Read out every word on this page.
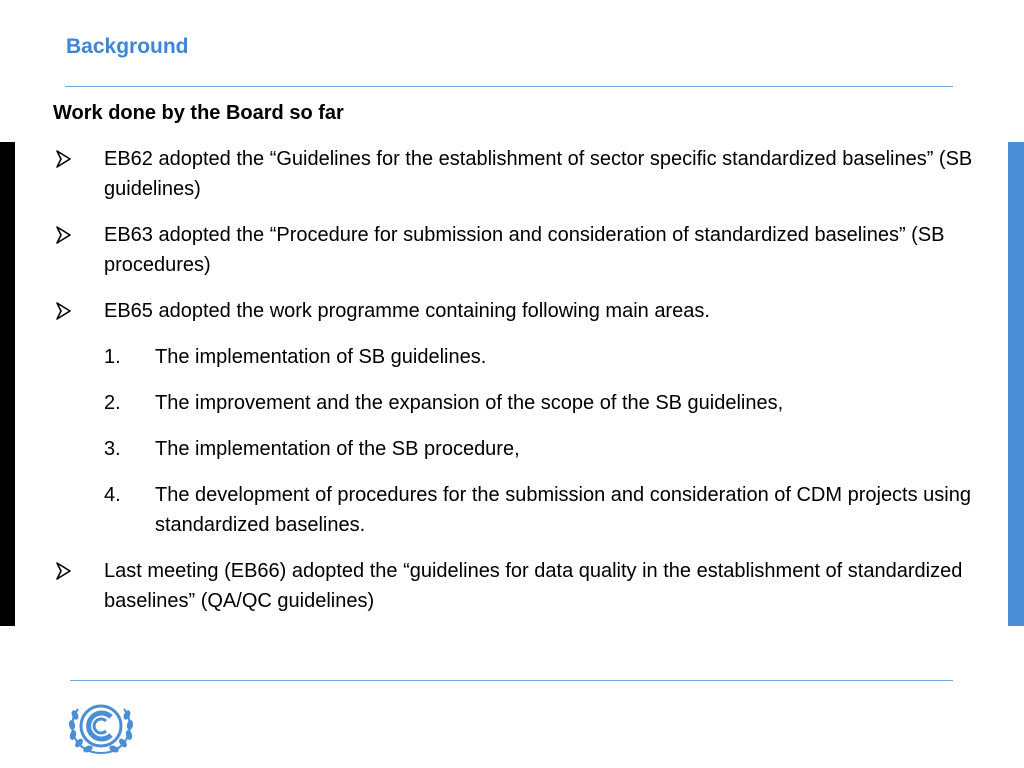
Background
Work done by the Board so far
EB62 adopted the “Guidelines for the establishment of sector specific standardized baselines” (SB guidelines)
EB63 adopted the “Procedure for submission and consideration of standardized baselines” (SB procedures)
EB65 adopted the work programme containing following main areas.
1. The implementation of SB guidelines.
2. The improvement and the expansion of the scope of the SB guidelines,
3. The implementation of the SB procedure,
4. The development of procedures for the submission and consideration of CDM projects using standardized baselines.
Last meeting (EB66) adopted the “guidelines for data quality in the establishment of standardized baselines” (QA/QC guidelines)
